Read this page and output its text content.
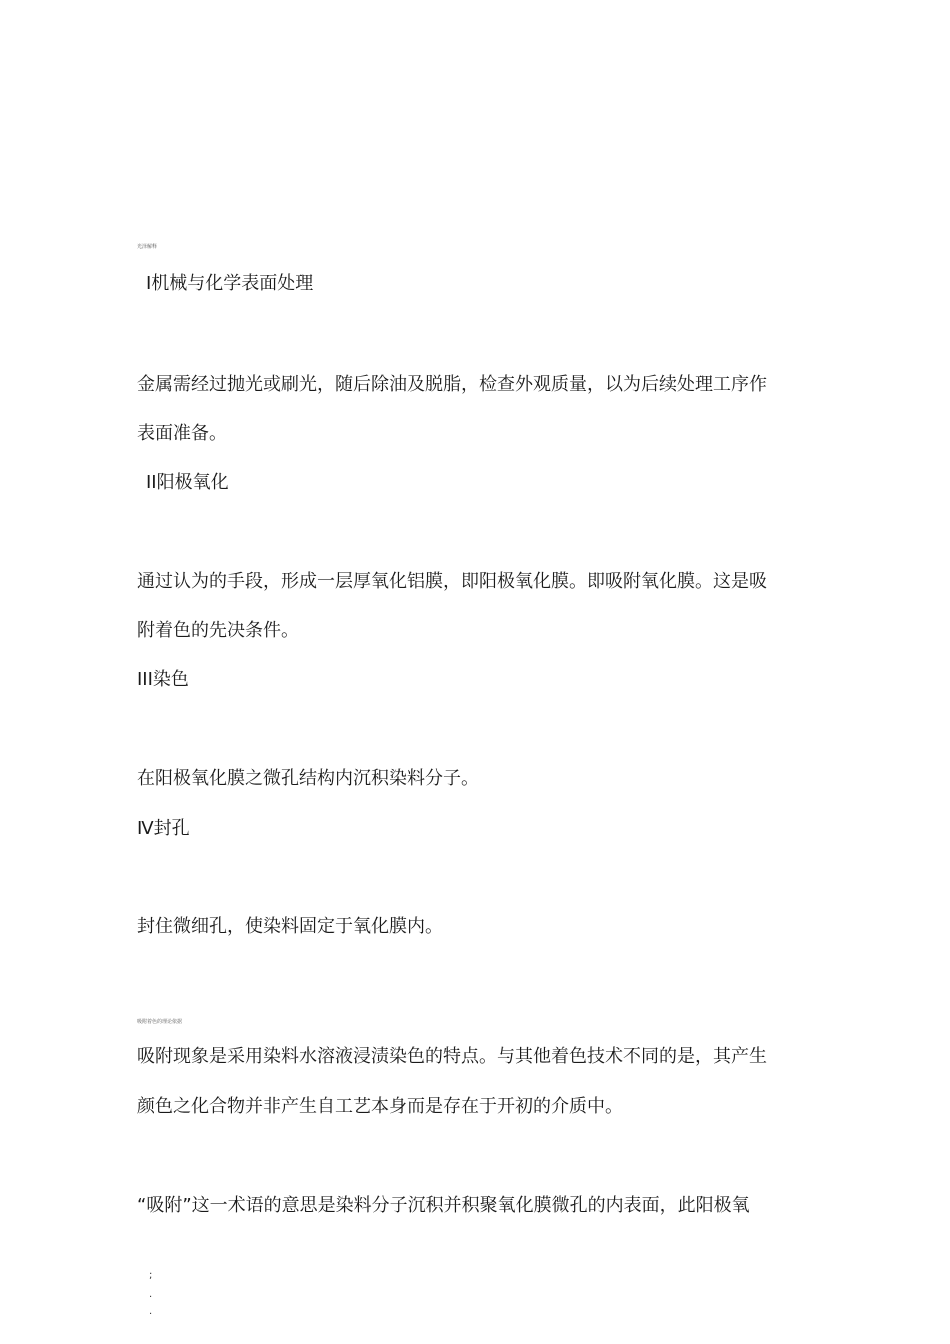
光泽解释
Ⅰ机械与化学表面处理
金属需经过抛光或刷光，随后除油及脱脂，检查外观质量，以为后续处理工序作
表面准备。
ⅠⅠ阳极氧化
通过认为的手段，形成一层厚氧化铝膜，即阳极氧化膜。即吸附氧化膜。这是吸
附着色的先决条件。
ⅠⅠⅠ染色
在阳极氧化膜之微孔结构内沉积染料分子。
Ⅳ封孔
封住微细孔，使染料固定于氧化膜内。
吸附着色的理论依据
吸附现象是采用染料水溶液浸渍染色的特点。与其他着色技术不同的是，其产生
颜色之化合物并非产生自工艺本身而是存在于开初的介质中。
“吸附”这一术语的意思是染料分子沉积并积聚氧化膜微孔的内表面，此阳极氧
;
.
.
